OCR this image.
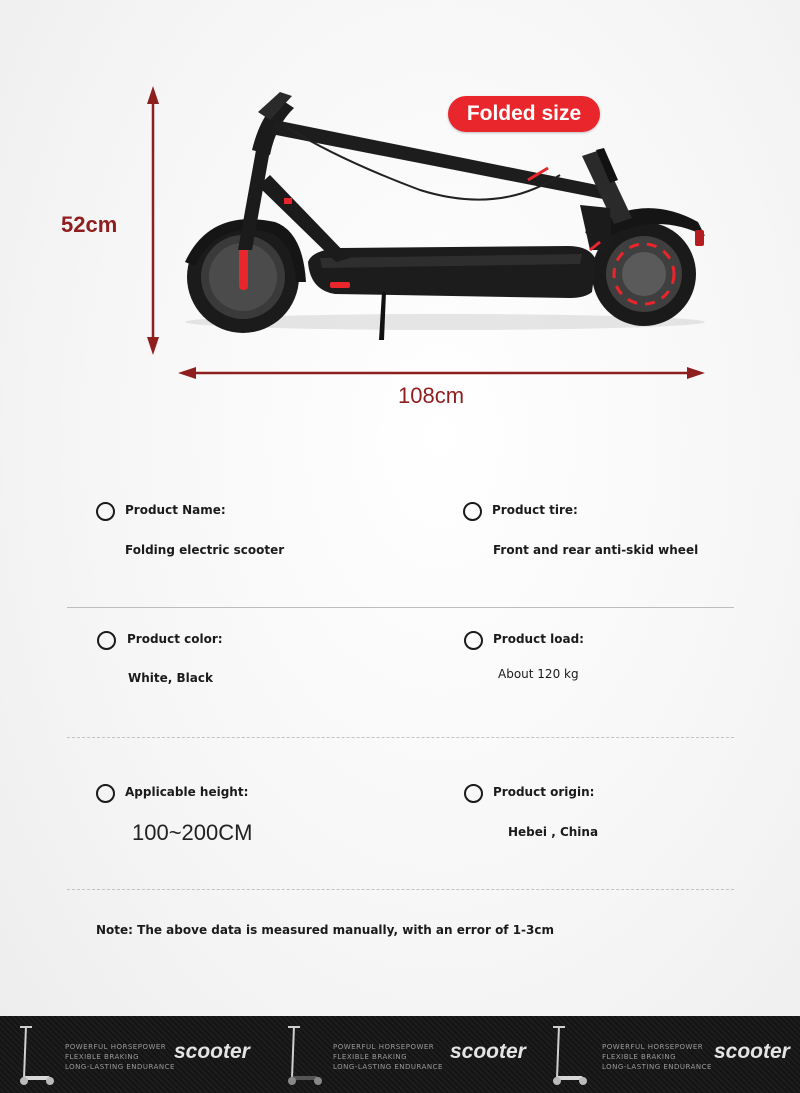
Folded size
52cm
108cm
Product Name:
Folding electric scooter
Product tire:
Front and rear anti-skid wheel
Product color:
White, Black
Product load:
About 120 kg
Applicable height:
100~200CM
Product origin:
Hebei , China
Note: The above data is measured manually, with an error of 1-3cm
POWERFUL HORSEPOWER
FLEXIBLE BRAKING
LONG-LASTING ENDURANCE
scooter	POWERFUL HORSEPOWER
FLEXIBLE BRAKING
LONG-LASTING ENDURANCE
scooter	POWERFUL HORSEPOWER
FLEXIBLE BRAKING
LONG-LASTING ENDURANCE
scooter
